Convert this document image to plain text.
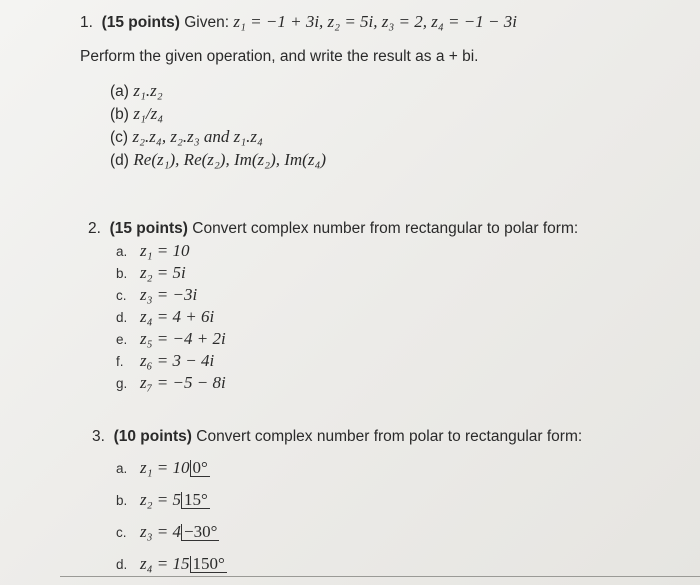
1. (15 points) Given: z₁ = −1 + 3i, z₂ = 5i, z₃ = 2, z₄ = −1 − 3i
Perform the given operation, and write the result as a + bi.
(a) z₁.z₂
(b) z₁/z₄
(c) z₂.z₄, z₂.z₃ and z₁.z₄
(d) Re(z₁), Re(z₂), Im(z₂), Im(z₄)
2. (15 points) Convert complex number from rectangular to polar form:
a. z₁ = 10
b. z₂ = 5i
c. z₃ = −3i
d. z₄ = 4 + 6i
e. z₅ = −4 + 2i
f. z₆ = 3 − 4i
g. z₇ = −5 − 8i
3. (10 points) Convert complex number from polar to rectangular form:
a. z₁ = 10 0°
b. z₂ = 5 15°
c. z₃ = 4 −30°
d. z₄ = 15 150°
